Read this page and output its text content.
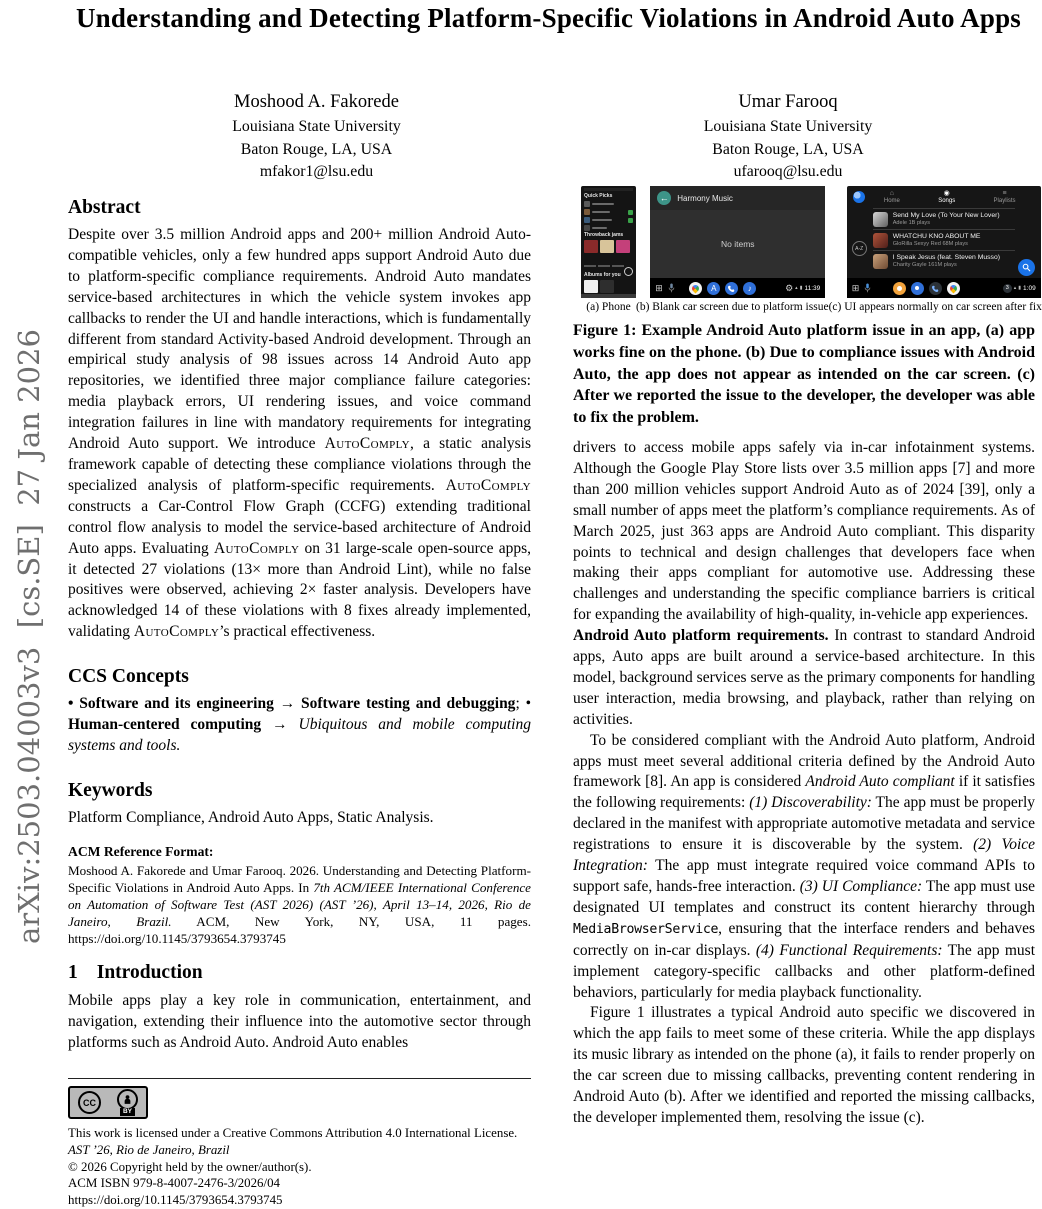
arXiv:2503.04003v3  [cs.SE]  27 Jan 2026
Understanding and Detecting Platform-Specific Violations in Android Auto Apps
Moshood A. Fakorede
Louisiana State University
Baton Rouge, LA, USA
mfakor1@lsu.edu
Umar Farooq
Louisiana State University
Baton Rouge, LA, USA
ufarooq@lsu.edu
Abstract

Despite over 3.5 million Android apps and 200+ million Android Auto-compatible vehicles, only a few hundred apps support Android Auto due to platform-specific compliance requirements. Android Auto mandates service-based architectures in which the vehicle system invokes app callbacks to render the UI and handle interactions, which is fundamentally different from standard Activity-based Android development. Through an empirical study analysis of 98 issues across 14 Android Auto app repositories, we identified three major compliance failure categories: media playback errors, UI rendering issues, and voice command integration failures in line with mandatory requirements for integrating Android Auto support. We introduce AutoComply, a static analysis framework capable of detecting these compliance violations through the specialized analysis of platform-specific requirements. AutoComply constructs a Car-Control Flow Graph (CCFG) extending traditional control flow analysis to model the service-based architecture of Android Auto apps. Evaluating AutoComply on 31 large-scale open-source apps, it detected 27 violations (13× more than Android Lint), while no false positives were observed, achieving 2× faster analysis. Developers have acknowledged 14 of these violations with 8 fixes already implemented, validating AutoComply’s practical effectiveness.

CCS Concepts

• Software and its engineering → Software testing and debugging; • Human-centered computing → Ubiquitous and mobile computing systems and tools.

Keywords

Platform Compliance, Android Auto Apps, Static Analysis.

ACM Reference Format:

Moshood A. Fakorede and Umar Farooq. 2026. Understanding and Detecting Platform-Specific Violations in Android Auto Apps. In 7th ACM/IEEE International Conference on Automation of Software Test (AST 2026) (AST ’26), April 13–14, 2026, Rio de Janeiro, Brazil. ACM, New York, NY, USA, 11 pages. https://doi.org/10.1145/3793654.3793745

1 Introduction

Mobile apps play a key role in communication, entertainment, and navigation, extending their influence into the automotive sector through platforms such as Android Auto. Android Auto enables

CC
BY
This work is licensed under a Creative Commons Attribution 4.0 International License.
AST ’26, Rio de Janeiro, Brazil
© 2026 Copyright held by the owner/author(s).
ACM ISBN 979-8-4007-2476-3/2026/04
https://doi.org/10.1145/3793654.3793745
Quick Picks
Throwback jams
Albums for you
(a) Phone
←	Harmony Music
No items
⊞	A	♪	⚙ ▴ ▮ 11:39
(b) Blank car screen due to platform issue
⌂
Home
◉
Songs
≡
Playlists
A-Z
Send My Love (To Your New Lover)
Adele 1B plays
WHATCHU KNO ABOUT ME
GloRilla Sexyy Red 68M plays
I Speak Jesus (feat. Steven Musso)
Charity Gayle 161M plays
⊞	3 ▴ ▮ 1:09
(c) UI appears normally on car screen after fix
Figure 1: Example Android Auto platform issue in an app, (a) app works fine on the phone. (b) Due to compliance issues with Android Auto, the app does not appear as intended on the car screen. (c) After we reported the issue to the developer, the developer was able to fix the problem.

drivers to access mobile apps safely via in-car infotainment systems. Although the Google Play Store lists over 3.5 million apps [7] and more than 200 million vehicles support Android Auto as of 2024 [39], only a small number of apps meet the platform’s compliance requirements. As of March 2025, just 363 apps are Android Auto compliant. This disparity points to technical and design challenges that developers face when making their apps compliant for automotive use. Addressing these challenges and understanding the specific compliance barriers is critical for expanding the availability of high-quality, in-vehicle app experiences.

Android Auto platform requirements. In contrast to standard Android apps, Auto apps are built around a service-based architecture. In this model, background services serve as the primary components for handling user interaction, media browsing, and playback, rather than relying on activities.

To be considered compliant with the Android Auto platform, Android apps must meet several additional criteria defined by the Android Auto framework [8]. An app is considered Android Auto compliant if it satisfies the following requirements: (1) Discoverability: The app must be properly declared in the manifest with appropriate automotive metadata and service registrations to ensure it is discoverable by the system. (2) Voice Integration: The app must integrate required voice command APIs to support safe, hands-free interaction. (3) UI Compliance: The app must use designated UI templates and construct its content hierarchy through MediaBrowserService, ensuring that the interface renders and behaves correctly on in-car displays. (4) Functional Requirements: The app must implement category-specific callbacks and other platform-defined behaviors, particularly for media playback functionality.

Figure 1 illustrates a typical Android auto specific we discovered in which the app fails to meet some of these criteria. While the app displays its music library as intended on the phone (a), it fails to render properly on the car screen due to missing callbacks, preventing content rendering in Android Auto (b). After we identified and reported the missing callbacks, the developer implemented them, resolving the issue (c).
